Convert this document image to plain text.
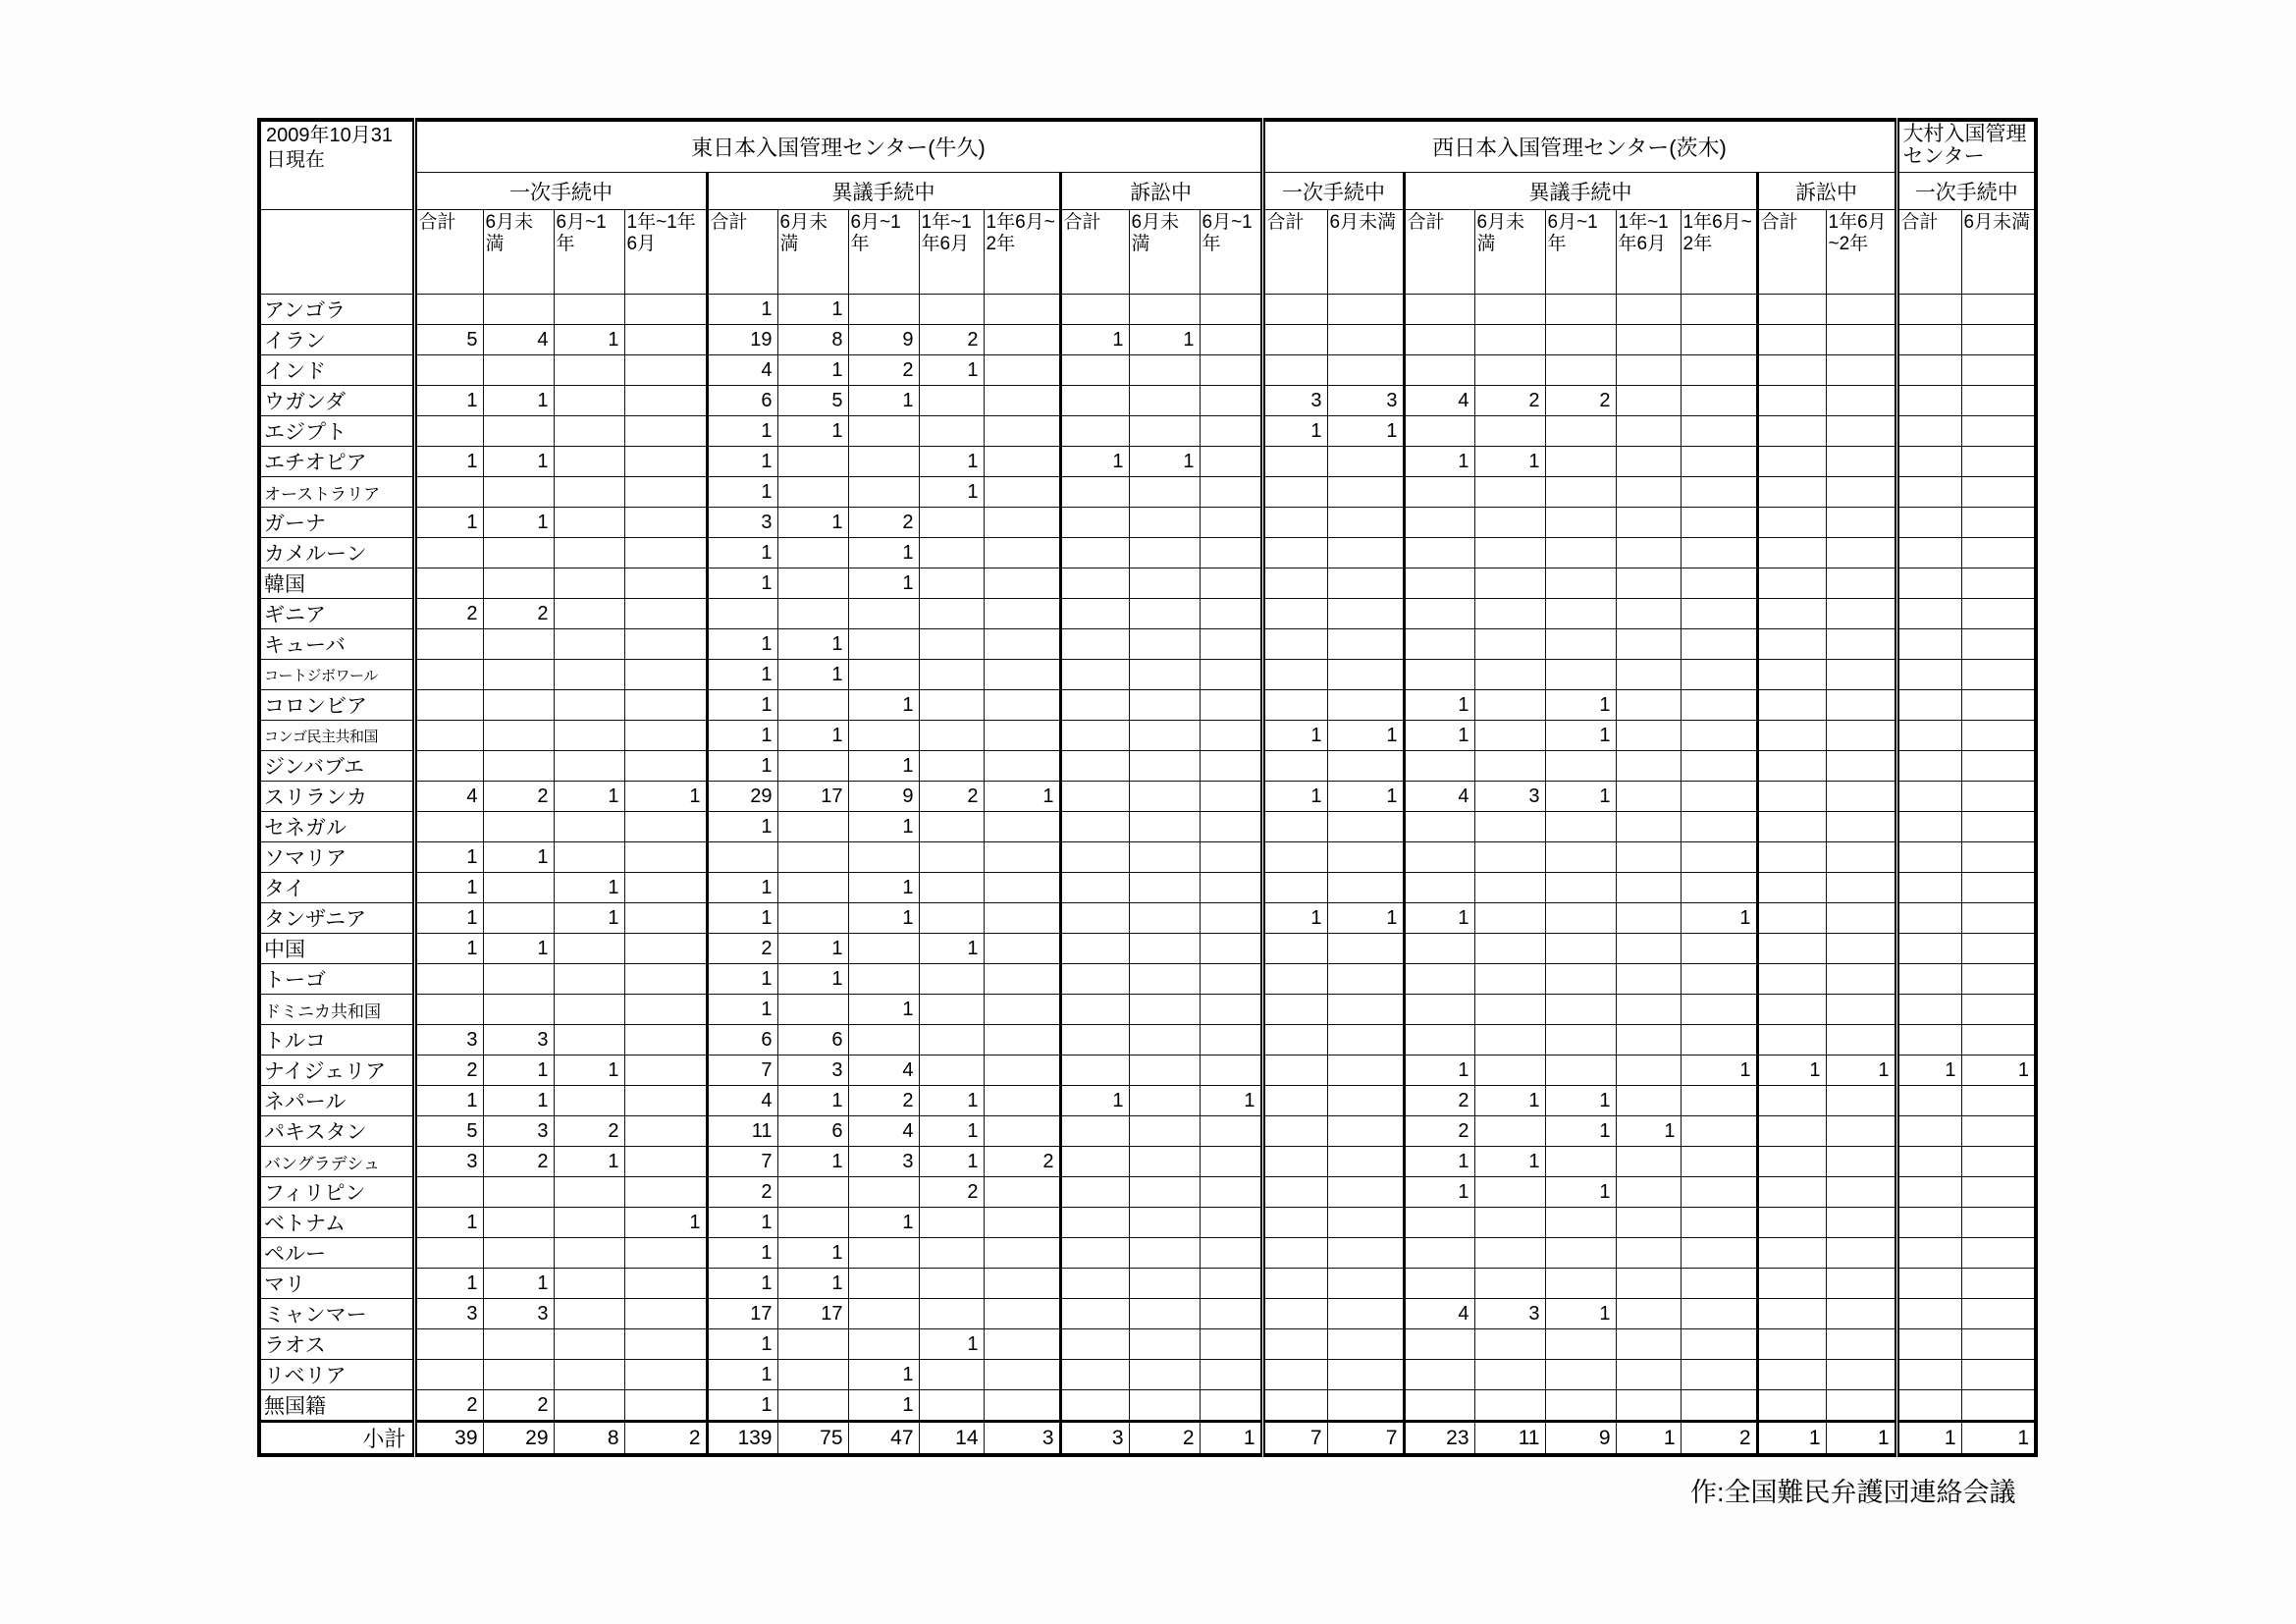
2009年10月31日現在	東日本入国管理センター(牛久)												西日本入国管理センター(茨木)									大村入国管理センター	
	一次手続中				異議手続中					訴訟中			一次手続中		異議手続中					訴訟中		一次手続中	
	合計	6月未満	6月~1年	1年~1年6月	合計	6月未満	6月~1年	1年~1年6月	1年6月~2年	合計	6月未満	6月~1年	合計	6月未満	合計	6月未満	6月~1年	1年~1年6月	1年6月~2年	合計	1年6月~2年	合計	6月未満
アンゴラ					1	1																	
イラン	5	4	1		19	8	9	2		1	1												
インド					4	1	2	1															
ウガンダ	1	1			6	5	1						3	3	4	2	2						
エジプト					1	1							1	1									
エチオピア	1	1			1			1		1	1				1	1							
オーストラリア					1			1															
ガーナ	1	1			3	1	2																
カメルーン					1		1																
韓国					1		1																
ギニア	2	2																					
キューバ					1	1																	
コートジボワール					1	1																	
コロンビア					1		1								1		1						
コンゴ民主共和国					1	1							1	1	1		1						
ジンバブエ					1		1																
スリランカ	4	2	1	1	29	17	9	2	1				1	1	4	3	1						
セネガル					1		1																
ソマリア	1	1																					
タイ	1		1		1		1																
タンザニア	1		1		1		1						1	1	1				1				
中国	1	1			2	1		1															
トーゴ					1	1																	
ドミニカ共和国					1		1																
トルコ	3	3			6	6																	
ナイジェリア	2	1	1		7	3	4								1				1	1	1	1	1
ネパール	1	1			4	1	2	1		1		1			2	1	1						
パキスタン	5	3	2		11	6	4	1							2		1	1					
バングラデシュ	3	2	1		7	1	3	1	2						1	1							
フィリピン					2			2							1		1						
ベトナム	1			1	1		1																
ペルー					1	1																	
マリ	1	1			1	1																	
ミャンマー	3	3			17	17									4	3	1						
ラオス					1			1															
リベリア					1		1																
無国籍	2	2			1		1																
小計	39	29	8	2	139	75	47	14	3	3	2	1	7	7	23	11	9	1	2	1	1	1	1
作:全国難民弁護団連絡会議
